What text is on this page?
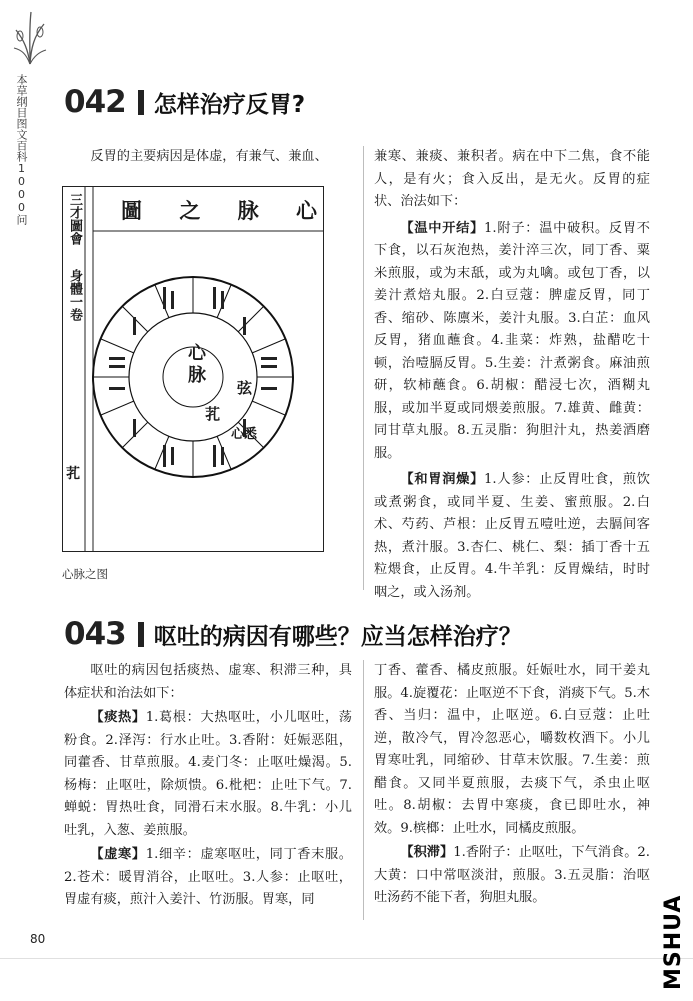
本草纲目图文百科1000问 042 怎样治疗反胃?

反胃的主要病因是体虚，有兼气、兼血、

圖 之 脉 心
三才圖會
身體一卷
芤
心脉
芤
弦
心悉
心脉之图

兼寒、兼痰、兼积者。病在中下二焦，食不能人，是有火；食入反出，是无火。反胃的症状、治法如下：

【温中开结】1.附子：温中破积。反胃不下食，以石灰泡热，姜汁淬三次，同丁香、粟米煎服，或为末舐，或为丸噙。或包丁香，以姜汁煮焙丸服。2.白豆蔻：脾虚反胃，同丁香、缩砂、陈廪米，姜汁丸服。3.白芷：血风反胃，猪血蘸食。4.韭菜：炸熟，盐醋吃十顿，治噎膈反胃。5.生姜：汁煮粥食。麻油煎研，软柿蘸食。6.胡椒：醋浸七次，酒糊丸服，或加半夏或同煨姜煎服。7.雄黄、雌黄：同甘草丸服。8.五灵脂：狗胆汁丸，热姜酒磨服。

【和胃润燥】1.人参：止反胃吐食，煎饮或煮粥食，或同半夏、生姜、蜜煎服。2.白术、芍药、芦根：止反胃五噎吐逆，去膈间客热，煮汁服。3.杏仁、桃仁、梨：插丁香十五粒煨食，止反胃。4.牛羊乳：反胃燥结，时时咽之，或入汤剂。

043 呕吐的病因有哪些？应当怎样治疗？

呕吐的病因包括痰热、虚寒、积滞三种，具体症状和治法如下：

【痰热】1.葛根：大热呕吐，小儿呕吐，荡粉食。2.泽泻：行水止吐。3.香附：妊娠恶阻，同藿香、甘草煎服。4.麦门冬：止呕吐燥渴。5.杨梅：止呕吐，除烦愦。6.枇杷：止吐下气。7.蝉蜕：胃热吐食，同滑石末水服。8.牛乳：小儿吐乳，入葱、姜煎服。

【虚寒】1.细辛：虚寒呕吐，同丁香末服。2.苍术：暖胃消谷，止呕吐。3.人参：止呕吐，胃虚有痰，煎汁入姜汁、竹沥服。胃寒，同

丁香、藿香、橘皮煎服。妊娠吐水，同干姜丸服。4.旋覆花：止呕逆不下食，消痰下气。5.木香、当归：温中，止呕逆。6.白豆蔻：止吐逆，散冷气，胃冷忽恶心，嚼数枚酒下。小儿胃寒吐乳，同缩砂、甘草末饮服。7.生姜：煎醋食。又同半夏煎服，去痰下气，杀虫止呕吐。8.胡椒：去胃中寒痰，食已即吐水，神效。9.槟榔：止吐水，同橘皮煎服。

【积滞】1.香附子：止呕吐，下气消食。2.大黄：口中常呕淡泔，煎服。3.五灵脂：治呕吐汤药不能下者，狗胆丸服。

80	MSHUA
